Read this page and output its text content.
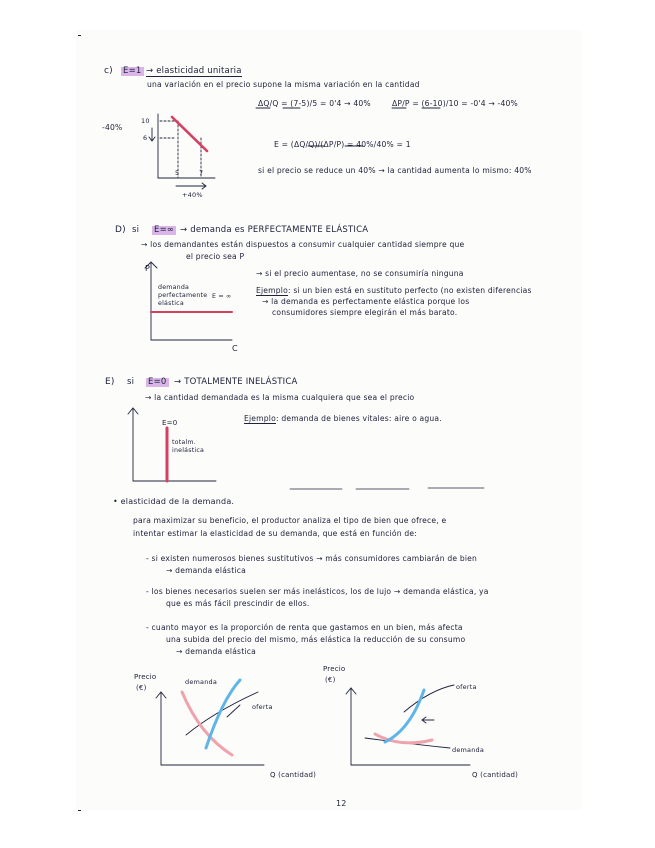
c) E=1 → elasticidad unitaria
una variación en el precio supone la misma variación en la cantidad
ΔQ/Q = (7-5)/5 = 0'4 → 40%	ΔP/P = (6-10)/10 = -0'4 → -40%
E = (ΔQ/Q)/(ΔP/P) = 40%/40% = 1
si el precio se reduce un 40% → la cantidad aumenta lo mismo: 40%
-40%
10
6
5	7
+40%
D) si E=∞ → demanda es PERFECTAMENTE ELÁSTICA
→ los demandantes están dispuestos a consumir cualquier cantidad siempre que
el precio sea P
P
C
demanda perfectamente elástica
E = ∞
→ si el precio aumentase, no se consumiría ninguna
Ejemplo: si un bien está en sustituto perfecto (no existen diferencias
→ la demanda es perfectamente elástica porque los
consumidores siempre elegirán el más barato.
E) si E=0 → TOTALMENTE INELÁSTICA
→ la cantidad demandada es la misma cualquiera que sea el precio
Ejemplo: demanda de bienes vitales: aire o agua.
E=0
totalm. inelástica
• elasticidad de la demanda.
para maximizar su beneficio, el productor analiza el tipo de bien que ofrece, e
intentar estimar la elasticidad de su demanda, que está en función de:
- si existen numerosos bienes sustitutivos → más consumidores cambiarán de bien
→ demanda elástica
- los bienes necesarios suelen ser más inelásticos, los de lujo → demanda elástica, ya
que es más fácil prescindir de ellos.
- cuanto mayor es la proporción de renta que gastamos en un bien, más afecta
una subida del precio del mismo, más elástica la reducción de su consumo
→ demanda elástica
Precio
(€)
Q (cantidad)
demanda
oferta
Precio
(€)
Q (cantidad)
demanda
oferta
12
